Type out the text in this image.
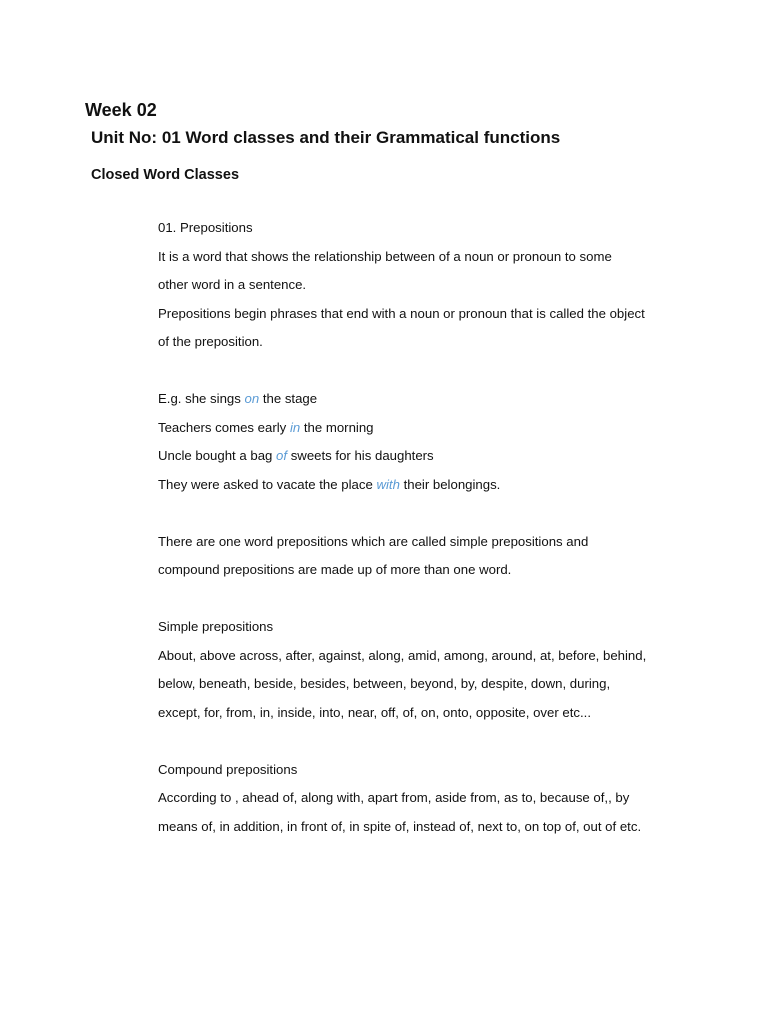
Week 02
Unit No: 01 Word classes and their Grammatical functions
Closed Word Classes
01. Prepositions
It is a word that shows the relationship between of a noun or pronoun to some
other word in a sentence.
Prepositions begin phrases that end with a noun or pronoun that is called the object
of the preposition.
E.g. she sings on the stage
Teachers comes early in the morning
Uncle bought a bag of sweets for his daughters
They were asked to vacate the place with their belongings.
There are one word prepositions which are called simple prepositions and
compound prepositions are made up of more than one word.
Simple prepositions
About, above across, after, against, along, amid, among, around, at, before, behind,
below, beneath, beside, besides, between, beyond, by, despite, down, during,
except, for, from, in, inside, into, near, off, of, on, onto, opposite, over etc...
Compound prepositions
According to , ahead of, along with, apart from, aside from, as to, because of,, by
means of, in addition, in front of, in spite of, instead of, next to, on top of, out of etc.
